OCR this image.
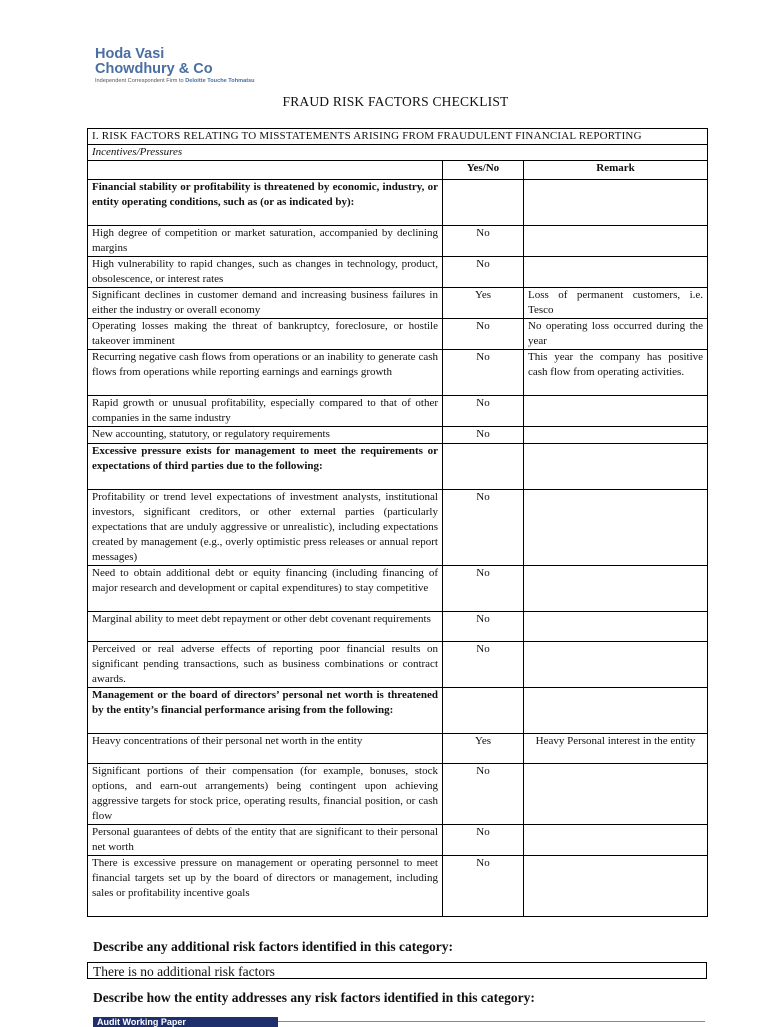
Hoda Vasi
Chowdhury & Co
Independent Correspondent Firm to Deloitte Touche Tohmatsu
FRAUD RISK FACTORS CHECKLIST
I. RISK FACTORS RELATING TO MISSTATEMENTS ARISING FROM FRAUDULENT FINANCIAL REPORTING		
Incentives/Pressures		
	Yes/No	Remark
Financial stability or profitability is threatened by economic, industry, or entity operating conditions, such as (or as indicated by):		
High degree of competition or market saturation, accompanied by declining margins	No	
High vulnerability to rapid changes, such as changes in technology, product, obsolescence, or interest rates	No	
Significant declines in customer demand and increasing business failures in either the industry or overall economy	Yes	Loss of permanent customers, i.e. Tesco
Operating losses making the threat of bankruptcy, foreclosure, or hostile takeover imminent	No	No operating loss occurred during the year
Recurring negative cash flows from operations or an inability to generate cash flows from operations while reporting earnings and earnings growth	No	This year the company has positive cash flow from operating activities.
Rapid growth or unusual profitability, especially compared to that of other companies in the same industry	No	
New accounting, statutory, or regulatory requirements	No	
Excessive pressure exists for management to meet the requirements or expectations of third parties due to the following:		
Profitability or trend level expectations of investment analysts, institutional investors, significant creditors, or other external parties (particularly expectations that are unduly aggressive or unrealistic), including expectations created by management (e.g., overly optimistic press releases or annual report messages)	No	
Need to obtain additional debt or equity financing (including financing of major research and development or capital expenditures) to stay competitive	No	
Marginal ability to meet debt repayment or other debt covenant requirements	No	
Perceived or real adverse effects of reporting poor financial results on significant pending transactions, such as business combinations or contract awards.	No	
Management or the board of directors’ personal net worth is threatened by the entity’s financial performance arising from the following:		
Heavy concentrations of their personal net worth in the entity	Yes	Heavy Personal interest in the entity
Significant portions of their compensation (for example, bonuses, stock options, and earn-out arrangements) being contingent upon achieving aggressive targets for stock price, operating results, financial position, or cash flow	No	
Personal guarantees of debts of the entity that are significant to their personal net worth	No	
There is excessive pressure on management or operating personnel to meet financial targets set up by the board of directors or management, including sales or profitability incentive goals	No	
Describe any additional risk factors identified in this category:
There is no additional risk factors
Describe how the entity addresses any risk factors identified in this category:
Audit Working Paper
